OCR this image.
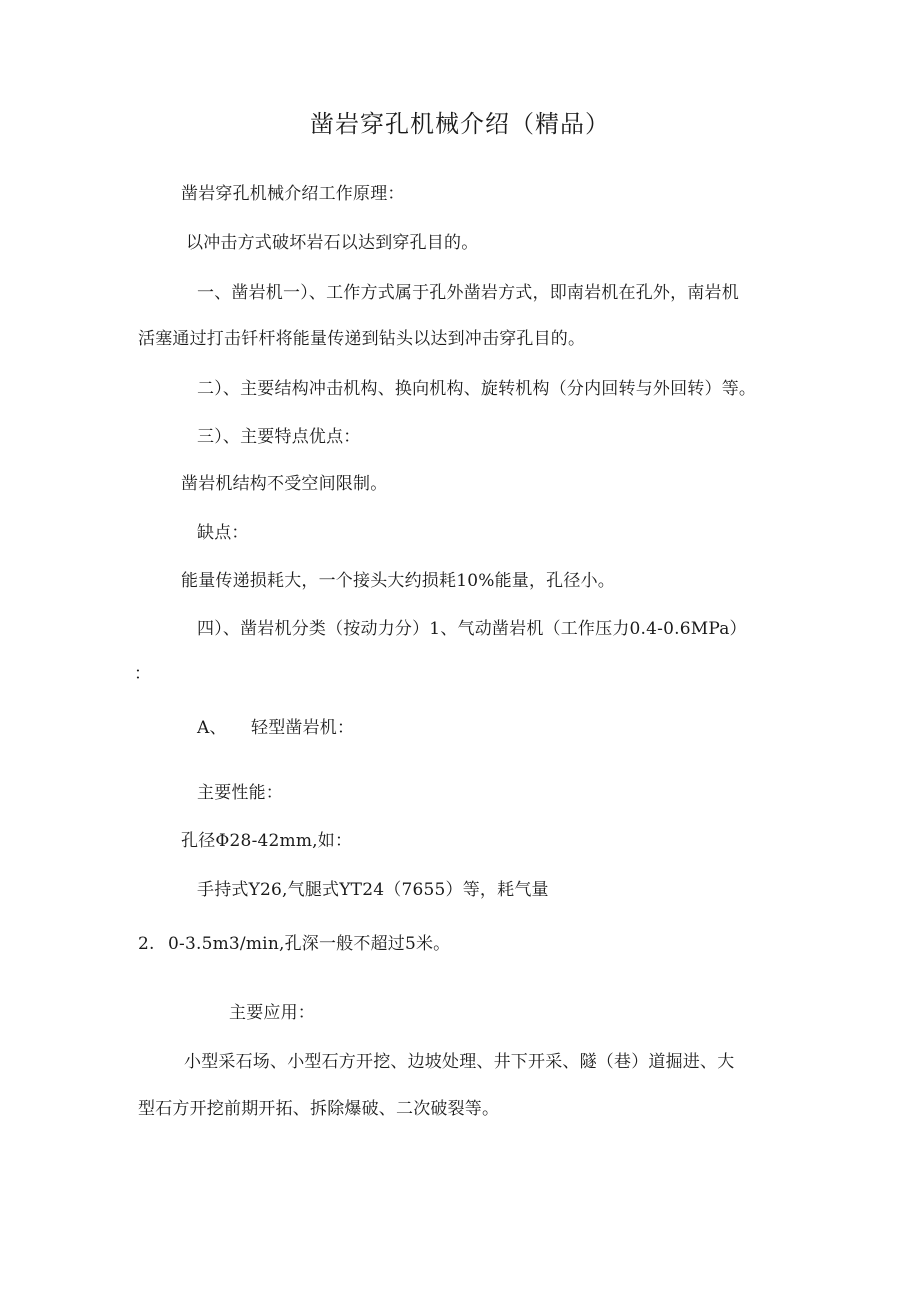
凿岩穿孔机械介绍（精品）
凿岩穿孔机械介绍工作原理：
以冲击方式破坏岩石以达到穿孔目的。
一、凿岩机一）、工作方式属于孔外凿岩方式，即南岩机在孔外，南岩机
活塞通过打击钎杆将能量传递到钻头以达到冲击穿孔目的。
二）、主要结构冲击机构、换向机构、旋转机构（分内回转与外回转）等。
三）、主要特点优点：
凿岩机结构不受空间限制。
缺点：
能量传递损耗大，一个接头大约损耗10%能量，孔径小。
四）、凿岩机分类（按动力分）1、气动凿岩机（工作压力0.4-0.6MPa）
：
A、 轻型凿岩机：
主要性能：
孔径Φ28-42mm,如：
手持式Y26,气腿式YT24（7655）等，耗气量
2. 0-3.5m3/min,孔深一般不超过5米。
主要应用：
小型采石场、小型石方开挖、边坡处理、井下开采、隧（巷）道掘进、大
型石方开挖前期开拓、拆除爆破、二次破裂等。
